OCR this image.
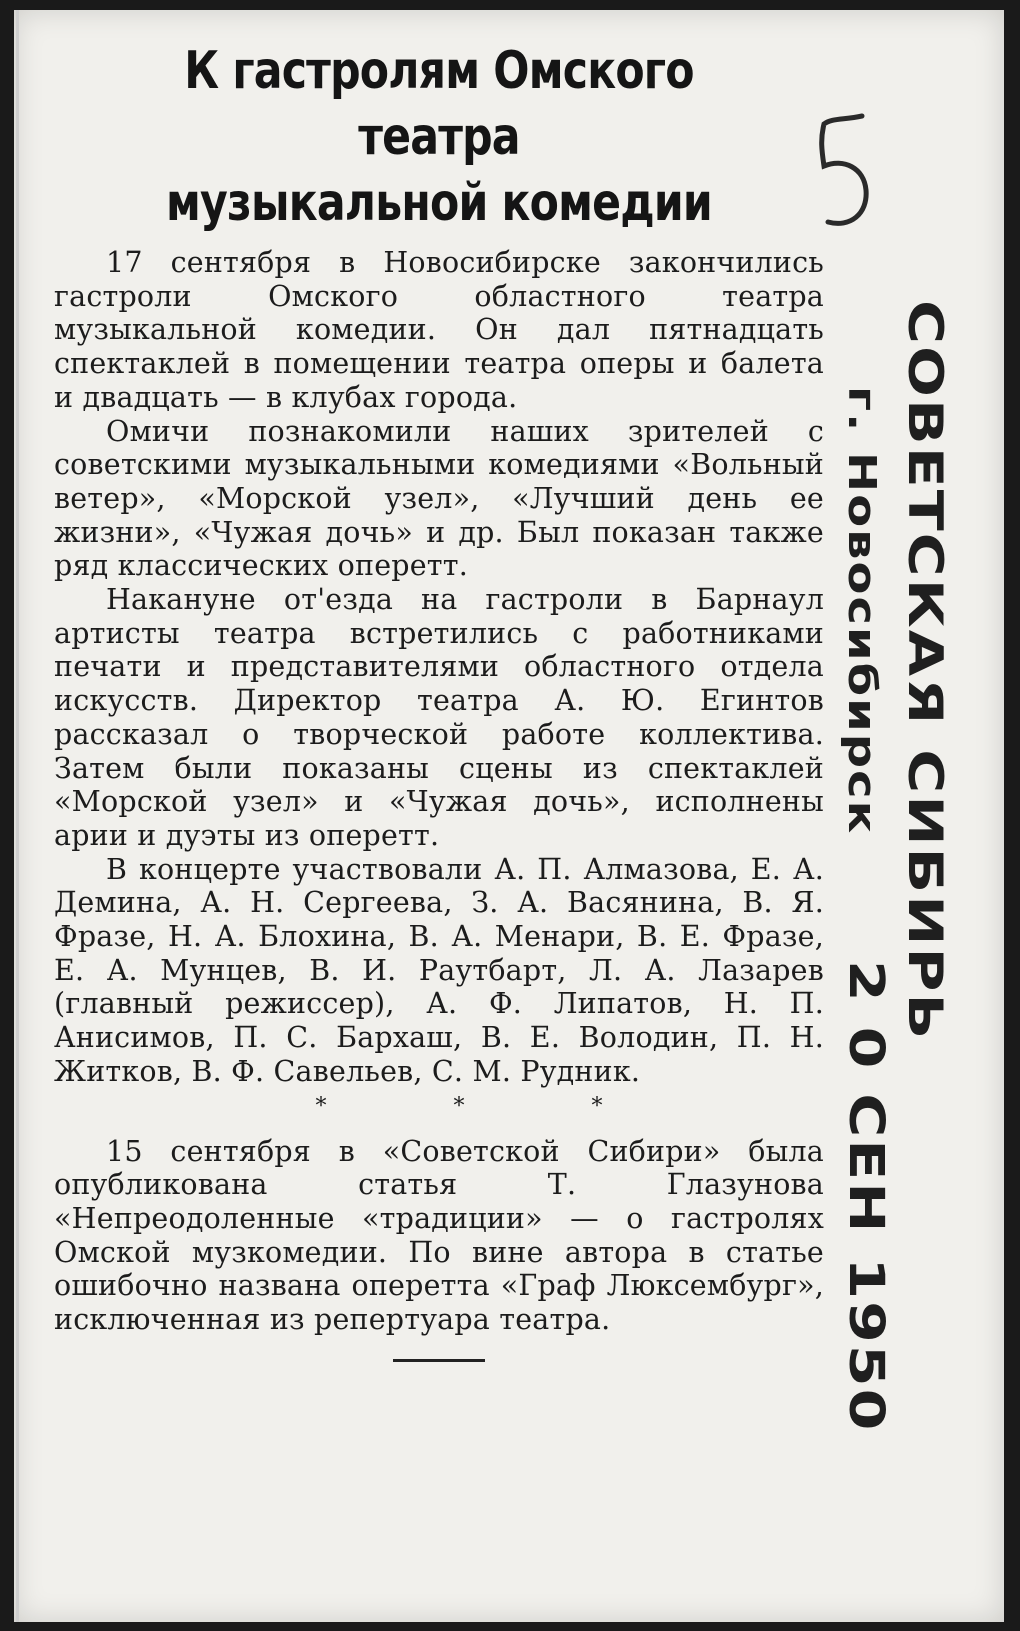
К гастролям Омского театра
музыкальной комедии

17 сентября в Новосибирске закончились гастроли Омского областного театра музыкальной комедии. Он дал пятнадцать спектаклей в помещении театра оперы и балета и двадцать — в клубах города.

Омичи познакомили наших зрителей с советскими музыкальными комедиями «Вольный ветер», «Морской узел», «Лучший день ее жизни», «Чужая дочь» и др. Был показан также ряд классических оперетт.

Накануне от'езда на гастроли в Барнаул артисты театра встретились с работниками печати и представителями областного отдела искусств. Директор театра А. Ю. Егинтов рассказал о творческой работе коллектива. Затем были показаны сцены из спектаклей «Морской узел» и «Чужая дочь», исполнены арии и дуэты из оперетт.

В концерте участвовали А. П. Алмазова, Е. А. Демина, А. Н. Сергеева, З. А. Васянина, В. Я. Фразе, Н. А. Блохина, В. А. Менари, В. Е. Фразе, Е. А. Мунцев, В. И. Раутбарт, Л. А. Лазарев (главный режиссер), А. Ф. Липатов, Н. П. Анисимов, П. С. Бархаш, В. Е. Володин, П. Н. Житков, В. Ф. Савельев, С. М. Рудник.

* * *

15 сентября в «Советской Сибири» была опубликована статья Т. Глазунова «Непреодоленные «традиции» — о гастролях Омской музкомедии. По вине автора в статье ошибочно названа оперетта «Граф Люксембург», исключенная из репертуара театра.

СОВЕТСКАЯ СИБИРЬ
г. Новосибирск
2 0 СЕН 1950
